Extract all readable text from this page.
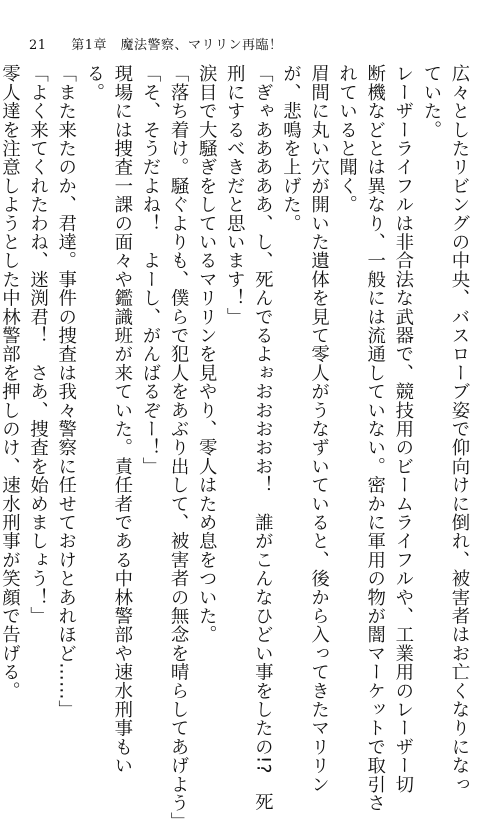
21 第1章　魔法警察、マリリン再臨！
広々としたリビングの中央、バスローブ姿で仰向けに倒れ、被害者はお亡くなりになっ
ていた。
レーザーライフルは非合法な武器で、競技用のビームライフルや、工業用のレーザー切
断機などとは異なり、一般には流通していない。密かに軍用の物が闇マーケットで取引さ
れていると聞く。
眉間に丸い穴が開いた遺体を見て零人がうなずいていると、後から入ってきたマリリン
が、悲鳴を上げた。
「ぎゃあああああ、し、死んでるよぉおおおおお！　誰がこんなひどい事をしたの!?　死
刑にするべきだと思います！」
涙目で大騒ぎをしているマリリンを見やり、零人はため息をついた。
「落ち着け。騒ぐよりも、僕らで犯人をあぶり出して、被害者の無念を晴らしてあげよう」
「そ、そうだよね！　よーし、がんばるぞー！」
現場には捜査一課の面々や鑑識班が来ていた。責任者である中林警部や速水刑事もい
る。
「また来たのか、君達。事件の捜査は我々警察に任せておけとあれほど……」
「よく来てくれたわね、迷渕君！　さあ、捜査を始めましょう！」
零人達を注意しようとした中林警部を押しのけ、速水刑事が笑顔で告げる。
